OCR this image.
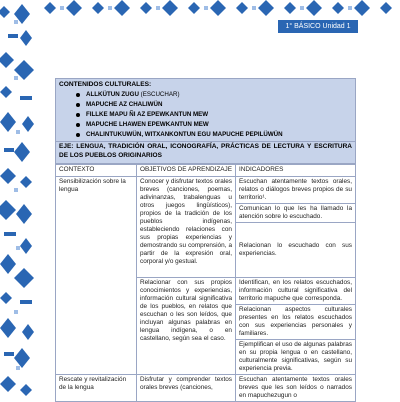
1° BÁSICO Unidad 1
CONTENIDOS CULTURALES:
ALLKÜTUN ZUGU (ESCUCHAR)
MAPUCHE AZ CHALIWÜN
FILLKE MAPU ÑI AZ EPEWKANTUN MEW
MAPUCHE LHAWEN EPEWKANTUN MEW
CHALINTUKUWÜN, WITXANKONTUN EGU MAPUCHE PEPILÜWÜN
EJE: LENGUA, TRADICIÓN ORAL, ICONOGRAFÍA, PRÁCTICAS DE LECTURA Y ESCRITURA DE LOS PUEBLOS ORIGINARIOS
CONTEXTO	OBJETIVOS DE APRENDIZAJE	INDICADORES
Sensibilización sobre la lengua	Conocer y disfrutar textos orales breves (canciones, poemas, adivinanzas, trabalenguas u otros juegos lingüísticos), propios de la tradición de los pueblos indígenas, estableciendo relaciones con sus propias experiencias y demostrando su comprensión, a partir de la expresión oral, corporal y/o gestual.	Escuchan atentamente textos orales, relatos o diálogos breves propios de su territorio¹.
		Comunican lo que les ha llamado la atención sobre lo escuchado.
		Relacionan lo escuchado con sus experiencias.
	Relacionar con sus propios conocimientos y experiencias, información cultural significativa de los pueblos, en relatos que escuchan o les son leídos, que incluyan algunas palabras en lengua indígena, o en castellano, según sea el caso.	Identifican, en los relatos escuchados, información cultural significativa del territorio mapuche que corresponda.
		Relacionan aspectos culturales presentes en los relatos escuchados con sus experiencias personales y familiares.
		Ejemplifican el uso de algunas palabras en su propia lengua o en castellano, culturalmente significativas, según su experiencia previa.
Rescate y revitalización de la lengua	Disfrutar y comprender textos orales breves (canciones,	Escuchan atentamente textos orales breves que les son leídos o narrados en mapuchezugun o
